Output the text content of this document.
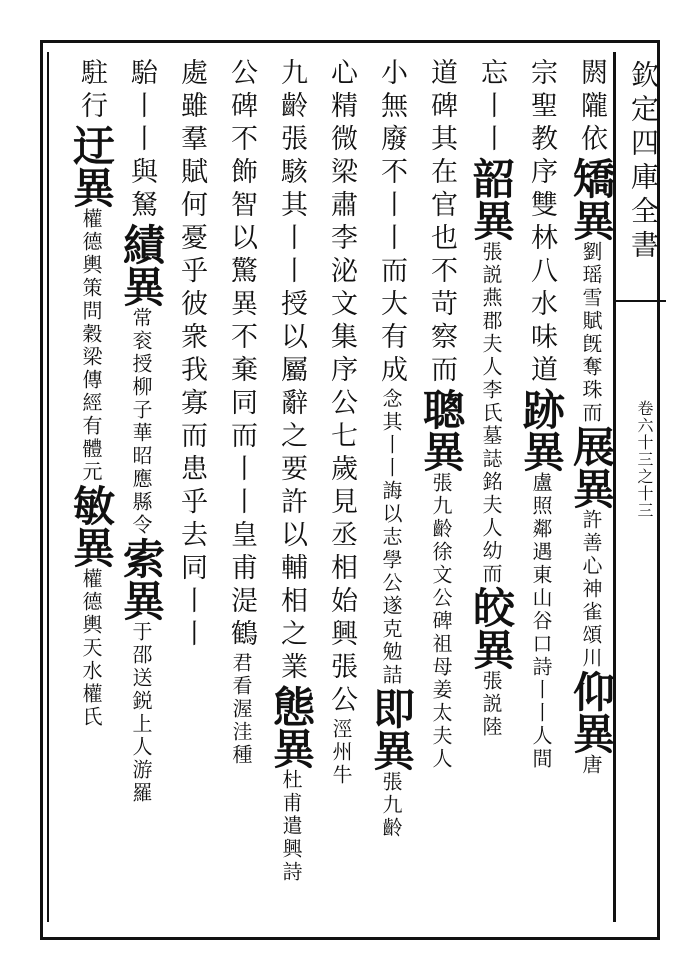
欽定四庫全書
卷六十三之十三
閼隴依矯異劉瑶雪賦旣奪珠而展異許善心神雀頌川仰異唐
宗聖教序雙林八水味道跡異盧照鄰遇東山谷口詩丨丨人間
忘丨丨韶異張説燕郡夫人李氏墓誌銘夫人幼而皎異張説陸
道碑其在官也不苛察而聰異張九齡徐文公碑祖母姜太夫人
小無廢不丨丨而大有成念其丨丨誨以志學公遂克勉詰即異張九齡
心精微梁肅李泌文集序公七歲見丞相始興張公涇州牛
九齡張駭其丨丨授以屬辭之要許以輔相之業態異杜甫遣興詩
公碑不飾智以驚異不棄同而丨丨皇甫湜鶴君看渥洼種
處雖羣賦何憂乎彼衆我寡而患乎去同丨丨
駘丨丨與駑績異常衮授柳子華昭應縣令索異于邵送鋭上人游羅
駐行迂異權德輿策問穀梁傳經有體元敏異權德輿天水權氏
